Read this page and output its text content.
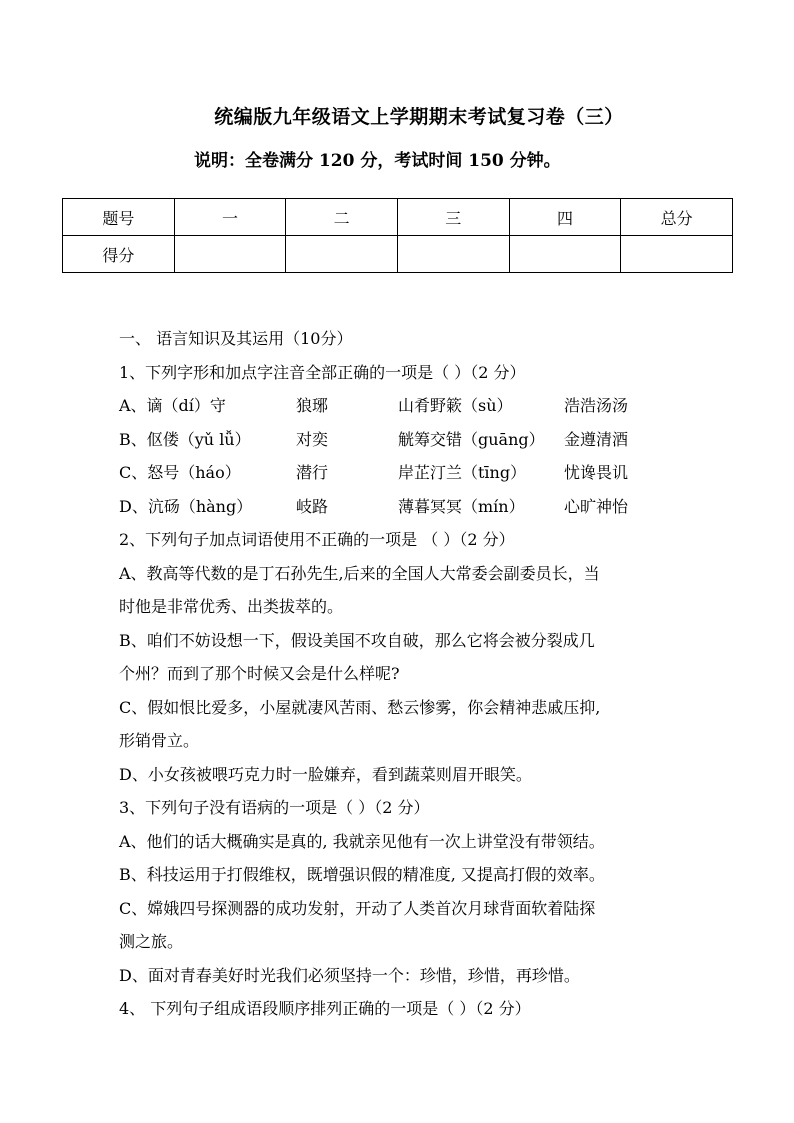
统编版九年级语文上学期期末考试复习卷（三）
说明：全卷满分 120 分，考试时间 150 分钟。
题号	一	二	三	四	总分
得分					
一、 语言知识及其运用（10分）
1、下列字形和加点字注音全部正确的一项是（ ）（2 分）
A、谪（dí）守	狼琊	山肴野簌（sù）	浩浩汤汤
B、伛偻（yǔ lǚ）	对奕	觥筹交错（guāng）	金遵清酒
C、怒号（háo）	潜行	岸芷汀兰（tīng）	忧谗畏讥
D、沆砀（hàng）	岐路	薄暮冥冥（mín）	心旷神怡
2、下列句子加点词语使用不正确的一项是 （ ）（2 分）
A、教高等代数的是丁石孙先生,后来的全国人大常委会副委员长，当
时他是非常优秀、出类拔萃的。
B、咱们不妨设想一下，假设美国不攻自破，那么它将会被分裂成几
个州？而到了那个时候又会是什么样呢?
C、假如恨比爱多，小屋就凄风苦雨、愁云惨雾，你会精神悲戚压抑,
形销骨立。
D、小女孩被喂巧克力时一脸嫌弃，看到蔬菜则眉开眼笑。
3、下列句子没有语病的一项是（ ）（2 分）
A、他们的话大概确实是真的, 我就亲见他有一次上讲堂没有带领结。
B、科技运用于打假维权，既增强识假的精准度, 又提高打假的效率。
C、嫦娥四号探测器的成功发射，开动了人类首次月球背面软着陆探
测之旅。
D、面对青春美好时光我们必须坚持一个：珍惜，珍惜，再珍惜。
4、 下列句子组成语段顺序排列正确的一项是（ ）（2 分）
